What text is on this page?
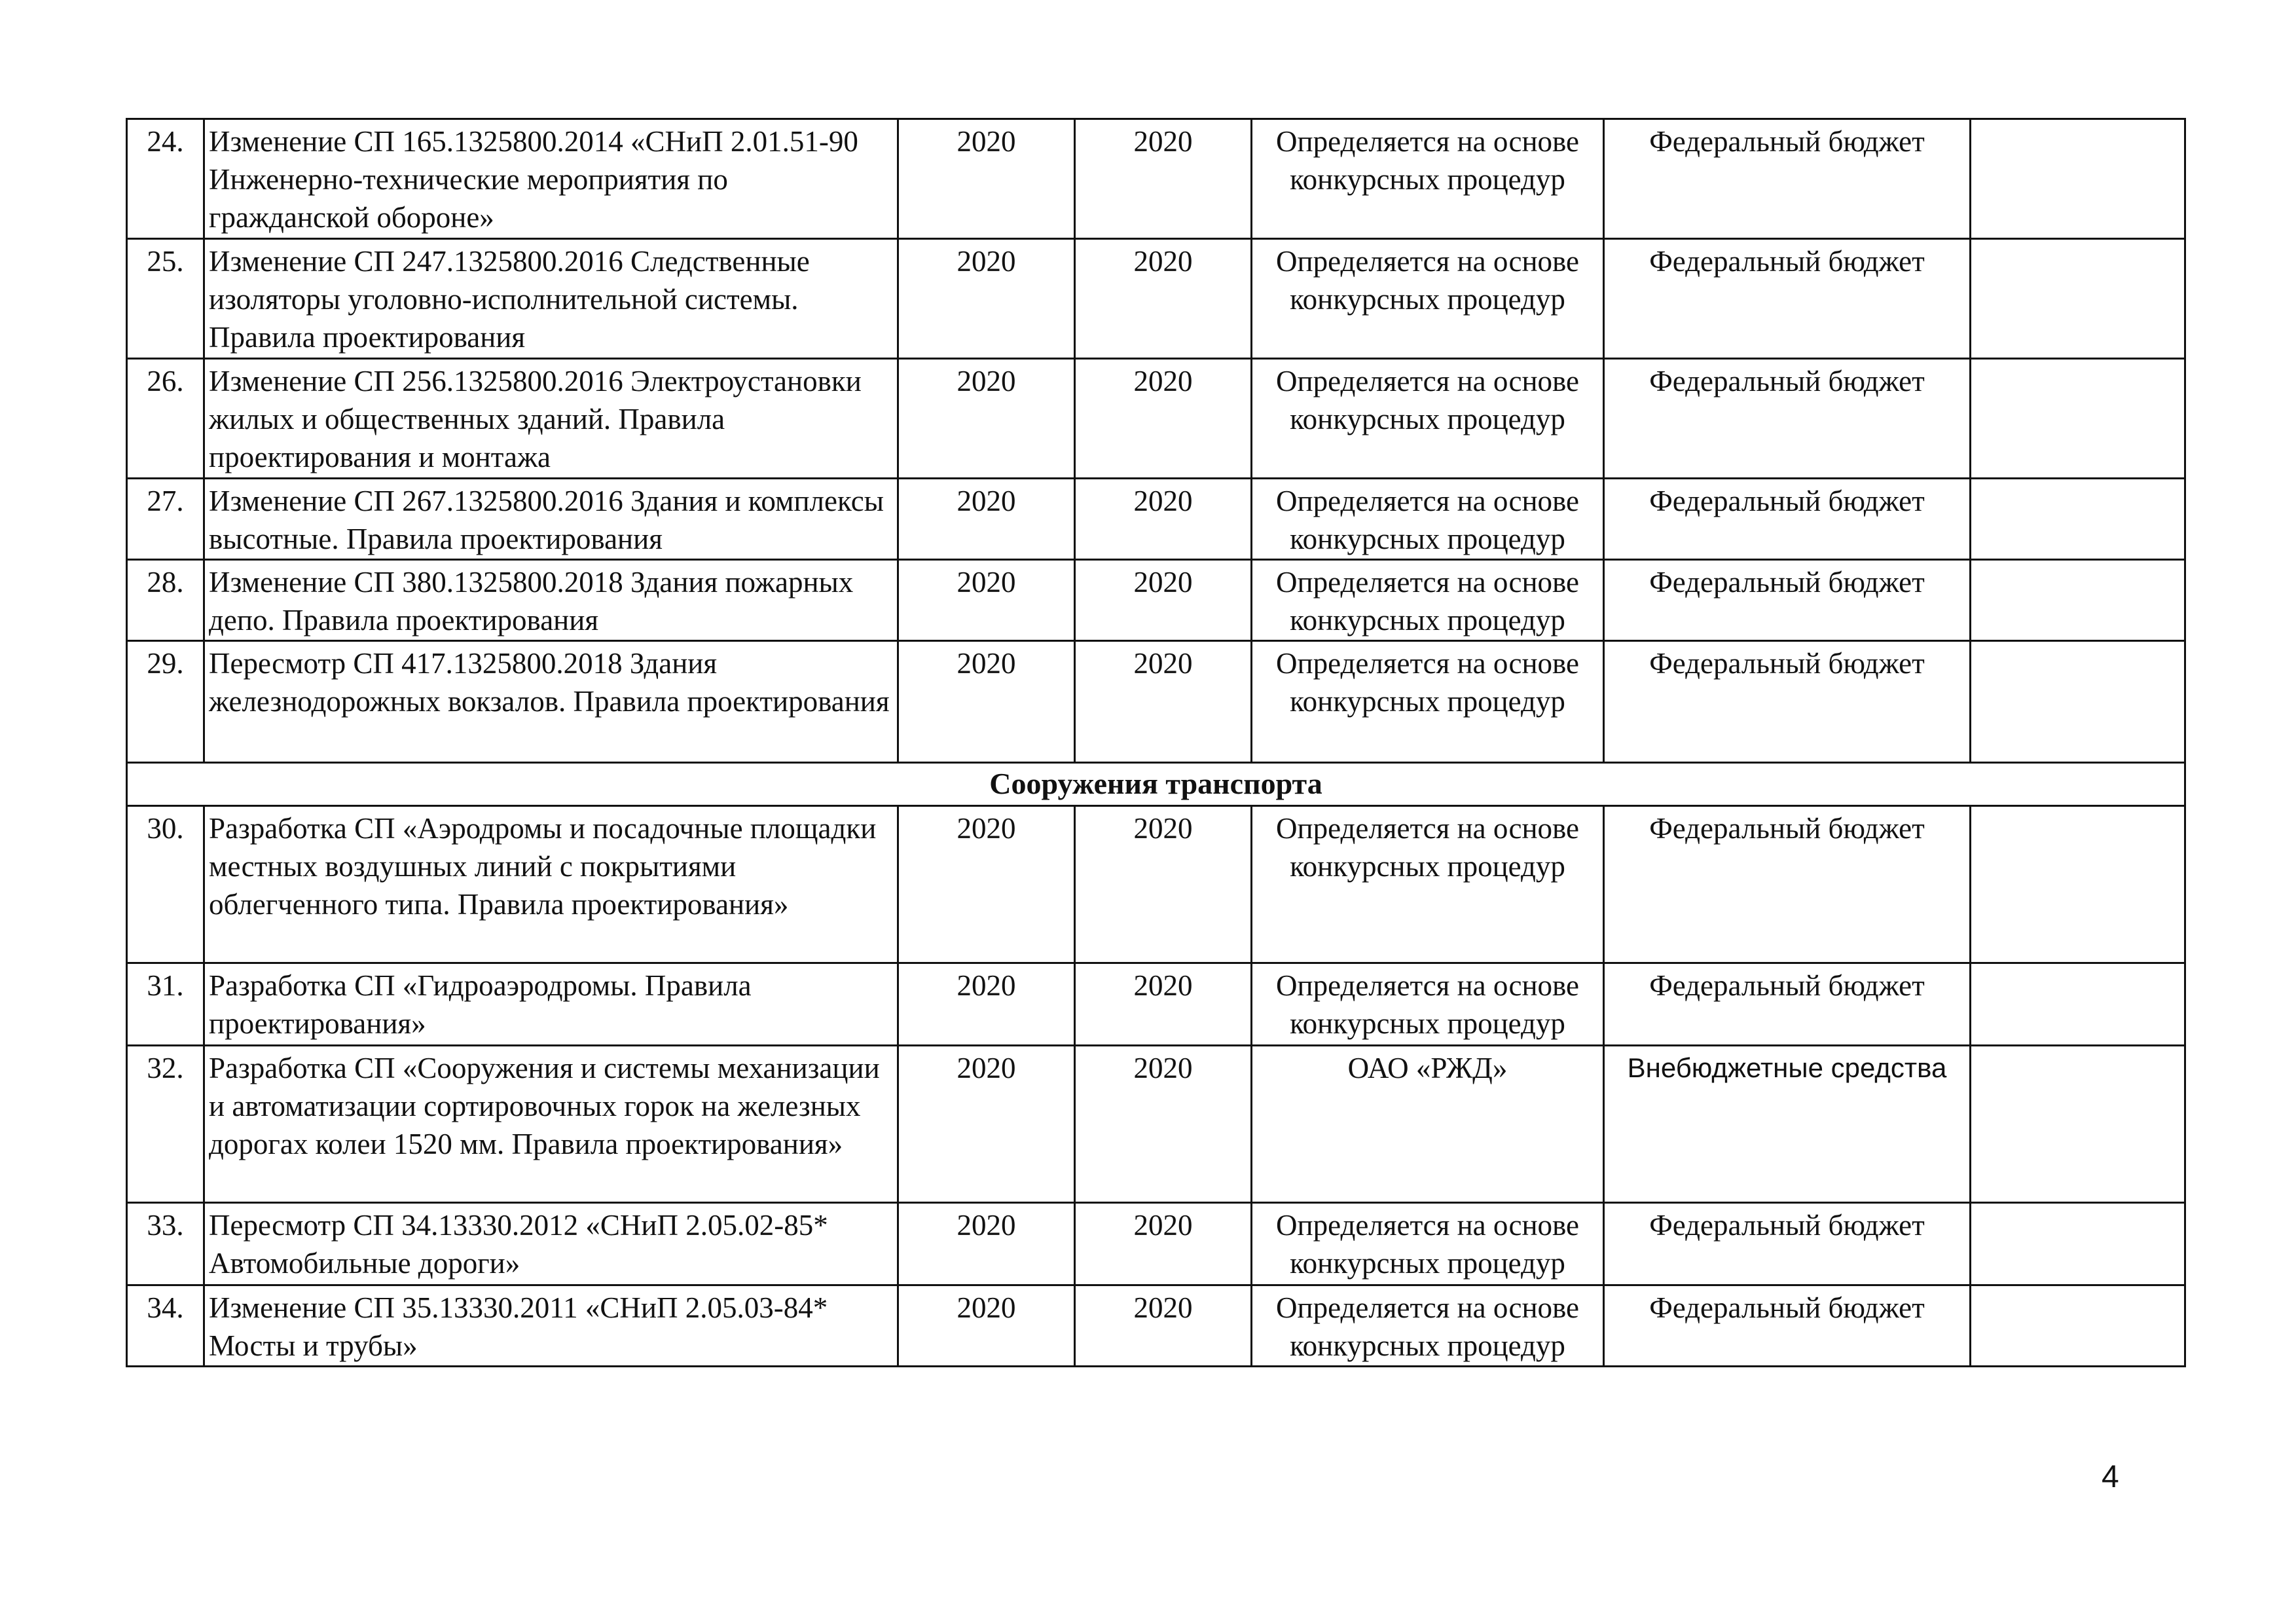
24.	Изменение СП 165.1325800.2014 «СНиП 2.01.51-90 Инженерно-технические мероприятия по гражданской обороне»	2020	2020	Определяется на основе конкурсных процедур	Федеральный бюджет	
25.	Изменение СП 247.1325800.2016 Следственные изоляторы уголовно-исполнительной системы. Правила проектирования	2020	2020	Определяется на основе конкурсных процедур	Федеральный бюджет	
26.	Изменение СП 256.1325800.2016 Электроустановки жилых и общественных зданий. Правила проектирования и монтажа	2020	2020	Определяется на основе конкурсных процедур	Федеральный бюджет	
27.	Изменение СП 267.1325800.2016 Здания и комплексы высотные. Правила проектирования	2020	2020	Определяется на основе конкурсных процедур	Федеральный бюджет	
28.	Изменение СП 380.1325800.2018 Здания пожарных депо. Правила проектирования	2020	2020	Определяется на основе конкурсных процедур	Федеральный бюджет	
29.	Пересмотр СП 417.1325800.2018 Здания железнодорожных вокзалов. Правила проектирования	2020	2020	Определяется на основе конкурсных процедур	Федеральный бюджет	
Сооружения транспорта						
30.	Разработка СП «Аэродромы и посадочные площадки местных воздушных линий с покрытиями облегченного типа. Правила проектирования»	2020	2020	Определяется на основе конкурсных процедур	Федеральный бюджет	
31.	Разработка СП «Гидроаэродромы. Правила проектирования»	2020	2020	Определяется на основе конкурсных процедур	Федеральный бюджет	
32.	Разработка СП «Сооружения и системы механизации и автоматизации сортировочных горок на железных дорогах колеи 1520 мм. Правила проектирования»	2020	2020	ОАО «РЖД»	Внебюджетные средства	
33.	Пересмотр СП 34.13330.2012 «СНиП 2.05.02-85* Автомобильные дороги»	2020	2020	Определяется на основе конкурсных процедур	Федеральный бюджет	
34.	Изменение СП 35.13330.2011 «СНиП 2.05.03-84* Мосты и трубы»	2020	2020	Определяется на основе конкурсных процедур	Федеральный бюджет	
4
